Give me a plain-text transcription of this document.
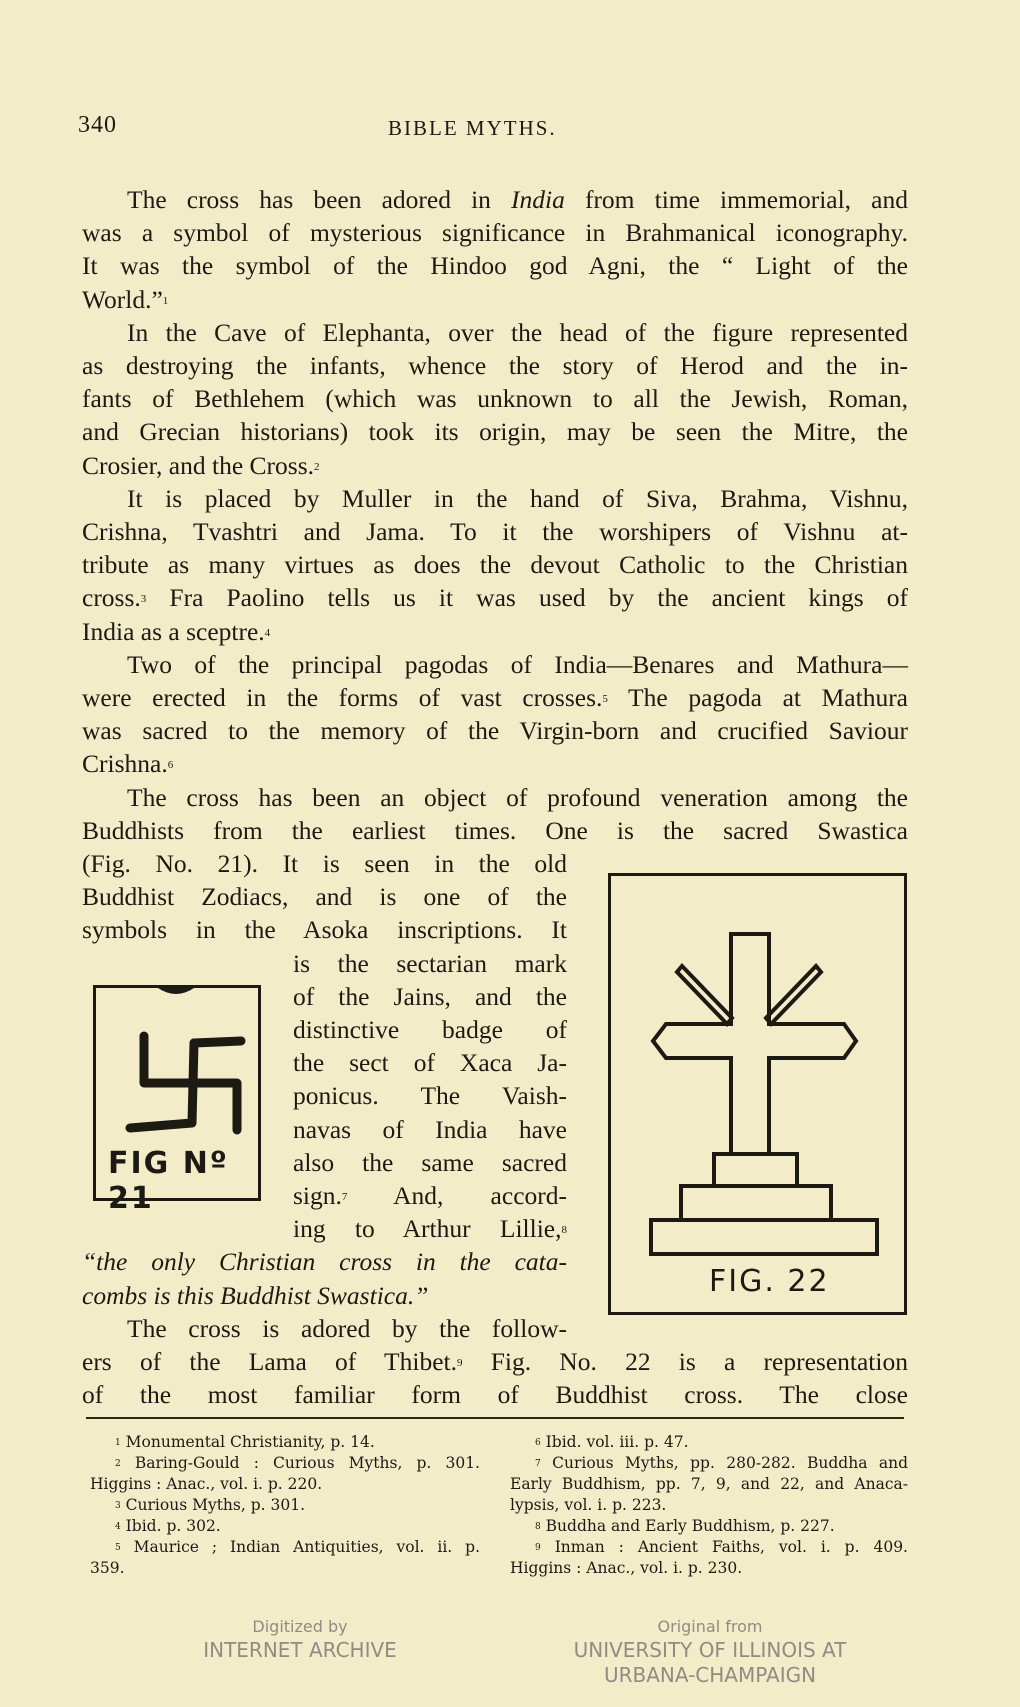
340	BIBLE MYTHS.
The cross has been adored in India from time immemorial, and
was a symbol of mysterious significance in Brahmanical iconography.
It was the symbol of the Hindoo god Agni, the “ Light of the
World.”$^1$
In the Cave of Elephanta, over the head of the figure represented
as destroying the infants, whence the story of Herod and the in-
fants of Bethlehem (which was unknown to all the Jewish, Roman,
and Grecian historians) took its origin, may be seen the Mitre, the
Crosier, and the Cross.$^2$
It is placed by Muller in the hand of Siva, Brahma, Vishnu,
Crishna, Tvashtri and Jama. To it the worshipers of Vishnu at-
tribute as many virtues as does the devout Catholic to the Christian
cross.$^3$ Fra Paolino tells us it was used by the ancient kings of
India as a sceptre.$^4$
Two of the principal pagodas of India—Benares and Mathura—
were erected in the forms of vast crosses.$^5$ The pagoda at Mathura
was sacred to the memory of the Virgin-born and crucified Saviour
Crishna.$^6$
The cross has been an object of profound veneration among the
Buddhists from the earliest times. One is the sacred Swastica
(Fig. No. 21). It is seen in the old
Buddhist Zodiacs, and is one of the
symbols in the Asoka inscriptions. It
is the sectarian mark
of the Jains, and the
distinctive badge of
the sect of Xaca Ja-
ponicus. The Vaish-
navas of India have
also the same sacred
sign.$^7$ And, accord-
ing to Arthur Lillie,$^8$
“the only Christian cross in the cata-
combs is this Buddhist Swastica.”
The cross is adored by the follow-
ers of the Lama of Thibet.$^9$ Fig. No. 22 is a representation
of the most familiar form of Buddhist cross. The close
FIG Nº 21
FIG. 22
$^1$ Monumental Christianity, p. 14.
$^2$ Baring-Gould : Curious Myths, p. 301.
Higgins : Anac., vol. i. p. 220.
$^3$ Curious Myths, p. 301.
$^4$ Ibid. p. 302.
$^5$ Maurice ; Indian Antiquities, vol. ii. p.
359.
$^6$ Ibid. vol. iii. p. 47.
$^7$ Curious Myths, pp. 280-282. Buddha and
Early Buddhism, pp. 7, 9, and 22, and Anaca-
lypsis, vol. i. p. 223.
$^8$ Buddha and Early Buddhism, p. 227.
$^9$ Inman : Ancient Faiths, vol. i. p. 409.
Higgins : Anac., vol. i. p. 230.
Digitized by
INTERNET ARCHIVE
Original from
UNIVERSITY OF ILLINOIS AT
URBANA-CHAMPAIGN
